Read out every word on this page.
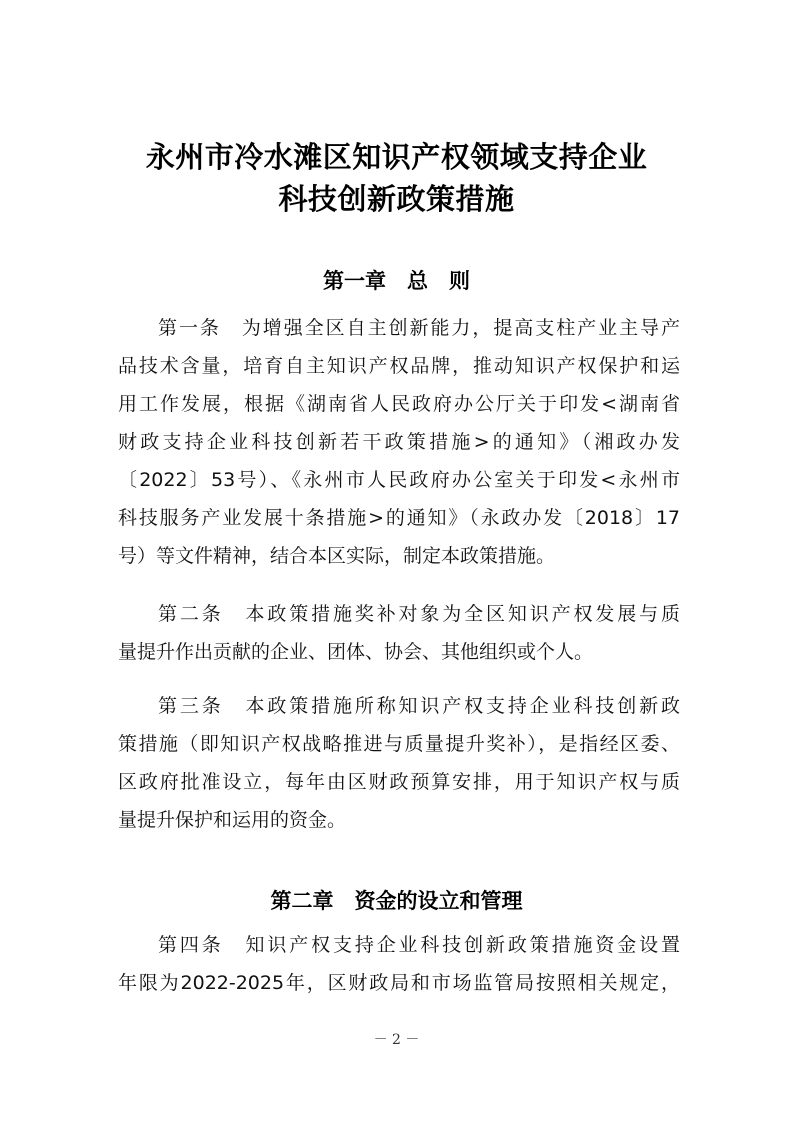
永州市冷水滩区知识产权领域支持企业
科技创新政策措施
第一章　总　则
第一条　为增强全区自主创新能力，提高支柱产业主导产
品技术含量，培育自主知识产权品牌，推动知识产权保护和运
用工作发展，根据《湖南省人民政府办公厅关于印发<湖南省
财政支持企业科技创新若干政策措施>的通知》（湘政办发
〔2022〕53号）、《永州市人民政府办公室关于印发<永州市
科技服务产业发展十条措施>的通知》（永政办发〔2018〕17
号）等文件精神，结合本区实际，制定本政策措施。
第二条　本政策措施奖补对象为全区知识产权发展与质
量提升作出贡献的企业、团体、协会、其他组织或个人。
第三条　本政策措施所称知识产权支持企业科技创新政
策措施（即知识产权战略推进与质量提升奖补），是指经区委、
区政府批准设立，每年由区财政预算安排，用于知识产权与质
量提升保护和运用的资金。
第二章　资金的设立和管理
第四条　知识产权支持企业科技创新政策措施资金设置
年限为2022-2025年，区财政局和市场监管局按照相关规定，
－ 2 －
